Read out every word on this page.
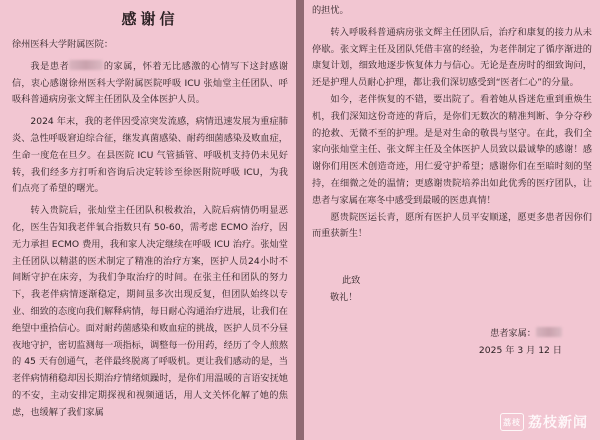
感谢信

徐州医科大学附属医院：

我是患者	的家属，怀着无比感激的心情写下这封感谢信，衷心感谢徐州医科大学附属医院呼吸 ICU 张灿堂主任团队、呼吸科普通病房张文辉主任团队及全体医护人员。

2024 年末，我的老伴因受凉突发流感，病情迅速发展为重症肺炎、急性呼吸窘迫综合征，继发真菌感染、耐药细菌感染及败血症，生命一度危在旦夕。在县医院 ICU 气管插管、呼吸机支持仍未见好转，我们经多方打听和咨询后决定转诊至徐医附院呼吸 ICU，为我们点亮了希望的曙光。

转入贵院后，张灿堂主任团队积极救治，入院后病情仍明显恶化，医生告知我老伴氧合指数只有 50-60，需考虑 ECMO 治疗，因无力承担 ECMO 费用，我和家人决定继续在呼吸 ICU 治疗。张灿堂主任团队以精湛的医术制定了精准的治疗方案，医护人员24小时不间断守护在床旁，为我们争取治疗的时间。在张主任和团队的努力下，我老伴病情逐渐稳定，期间虽多次出现反复，但团队始终以专业、细致的态度向我们解释病情，每日耐心沟通治疗进展，让我们在绝望中重拾信心。面对耐药菌感染和败血症的挑战，医护人员不分昼夜地守护，密切监测每一项指标，调整每一份用药，经历了令人煎熬的 45 天有创通气，老伴最终脱离了呼吸机。更让我们感动的是，当老伴病情稍稳却因长期治疗情绪烦躁时，是你们用温暖的言语安抚她的不安，主动安排定期探视和视频通话，用人文关怀化解了她的焦虑，也缓解了我们家属

的担忧。

转入呼吸科普通病房张文辉主任团队后，治疗和康复的接力从未停歇。张文辉主任及团队凭借丰富的经验，为老伴制定了循序渐进的康复计划，细致地逐步恢复体力与信心。无论是查房时的细致询问，还是护理人员耐心护理，都让我们深切感受到“医者仁心”的分量。

如今，老伴恢复的不错，要出院了。看着她从昏迷危重到重焕生机，我们深知这份奇迹的背后，是你们无数次的精准判断、争分夺秒的抢救、无微不至的护理。是是对生命的敬畏与坚守。在此，我们全家向张灿堂主任、张文辉主任及全体医护人员致以最诚挚的感谢！感谢你们用医术创造奇迹，用仁爱守护希望；感谢你们在至暗时刻的坚持，在细微之处的温情；更感谢贵院培养出如此优秀的医疗团队，让患者与家属在寒冬中感受到最暖的医患真情！

愿贵院医运长青，愿所有医护人员平安顺遂，愿更多患者因你们而重获新生！

此致

敬礼！

患者家属：

2025 年 3 月 12 日

荔枝 荔枝新闻
